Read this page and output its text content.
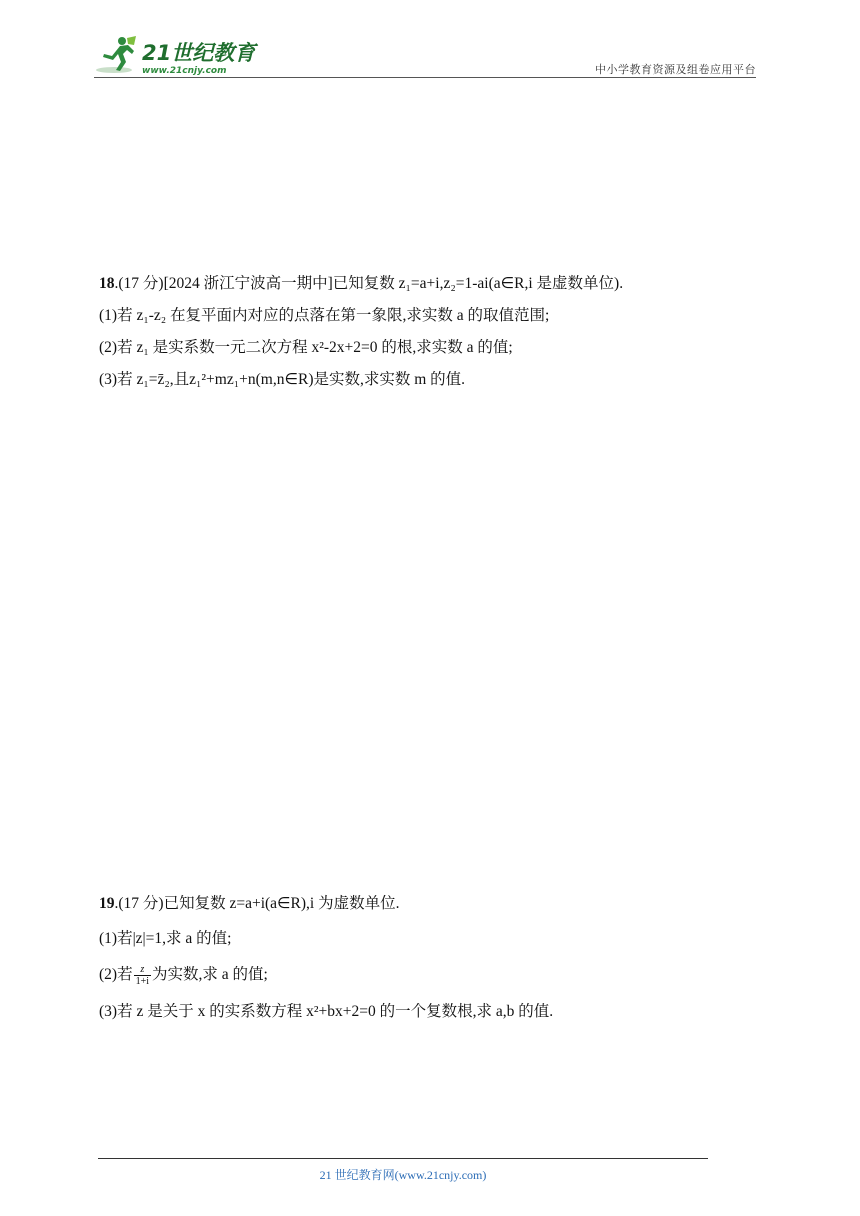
21世纪教育
www.21cnjy.com	中小学教育资源及组卷应用平台

18.(17 分)[2024 浙江宁波高一期中]已知复数 z₁=a+i,z₂=1-ai(a∈R,i 是虚数单位).

(1)若 z₁-z₂ 在复平面内对应的点落在第一象限,求实数 a 的取值范围;

(2)若 z₁ 是实系数一元二次方程 x²-2x+2=0 的根,求实数 a 的值;

(3)若 z₁=z̄₂,且z₁²+mz₁+n(m,n∈R)是实数,求实数 m 的值.

19.(17 分)已知复数 z=a+i(a∈R),i 为虚数单位.

(1)若|z|=1,求 a 的值;

(2)若 $\frac{z}{1+i}$ 为实数,求 a 的值;

(3)若 z 是关于 x 的实系数方程 x²+bx+2=0 的一个复数根,求 a,b 的值.

21 世纪教育网(www.21cnjy.com)
